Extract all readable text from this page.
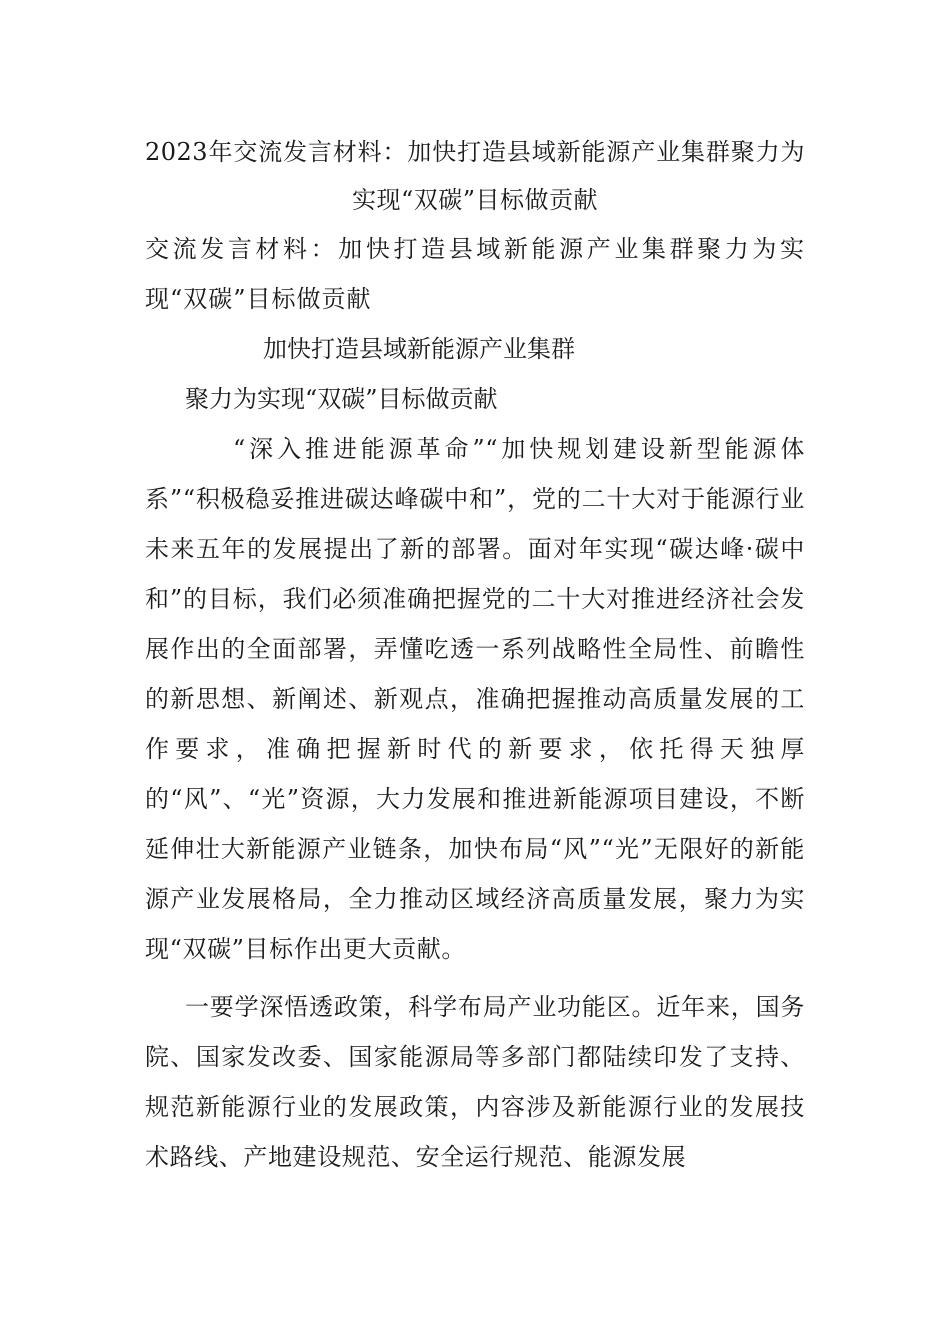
2023年交流发言材料：加快打造县域新能源产业集群聚力为实现“双碳”目标做贡献

交流发言材料：加快打造县域新能源产业集群聚力为实现“双碳”目标做贡献

加快打造县域新能源产业集群

聚力为实现“双碳”目标做贡献

“深入推进能源革命”“加快规划建设新型能源体系”“积极稳妥推进碳达峰碳中和”，党的二十大对于能源行业未来五年的发展提出了新的部署。面对年实现“碳达峰·碳中和”的目标，我们必须准确把握党的二十大对推进经济社会发展作出的全面部署，弄懂吃透一系列战略性全局性、前瞻性的新思想、新阐述、新观点，准确把握推动高质量发展的工作要求，准确把握新时代的新要求，依托得天独厚的“风”、“光”资源，大力发展和推进新能源项目建设，不断延伸壮大新能源产业链条，加快布局“风”“光”无限好的新能源产业发展格局，全力推动区域经济高质量发展，聚力为实现“双碳”目标作出更大贡献。

一要学深悟透政策，科学布局产业功能区。近年来，国务院、国家发改委、国家能源局等多部门都陆续印发了支持、规范新能源行业的发展政策，内容涉及新能源行业的发展技术路线、产地建设规范、安全运行规范、能源发展
